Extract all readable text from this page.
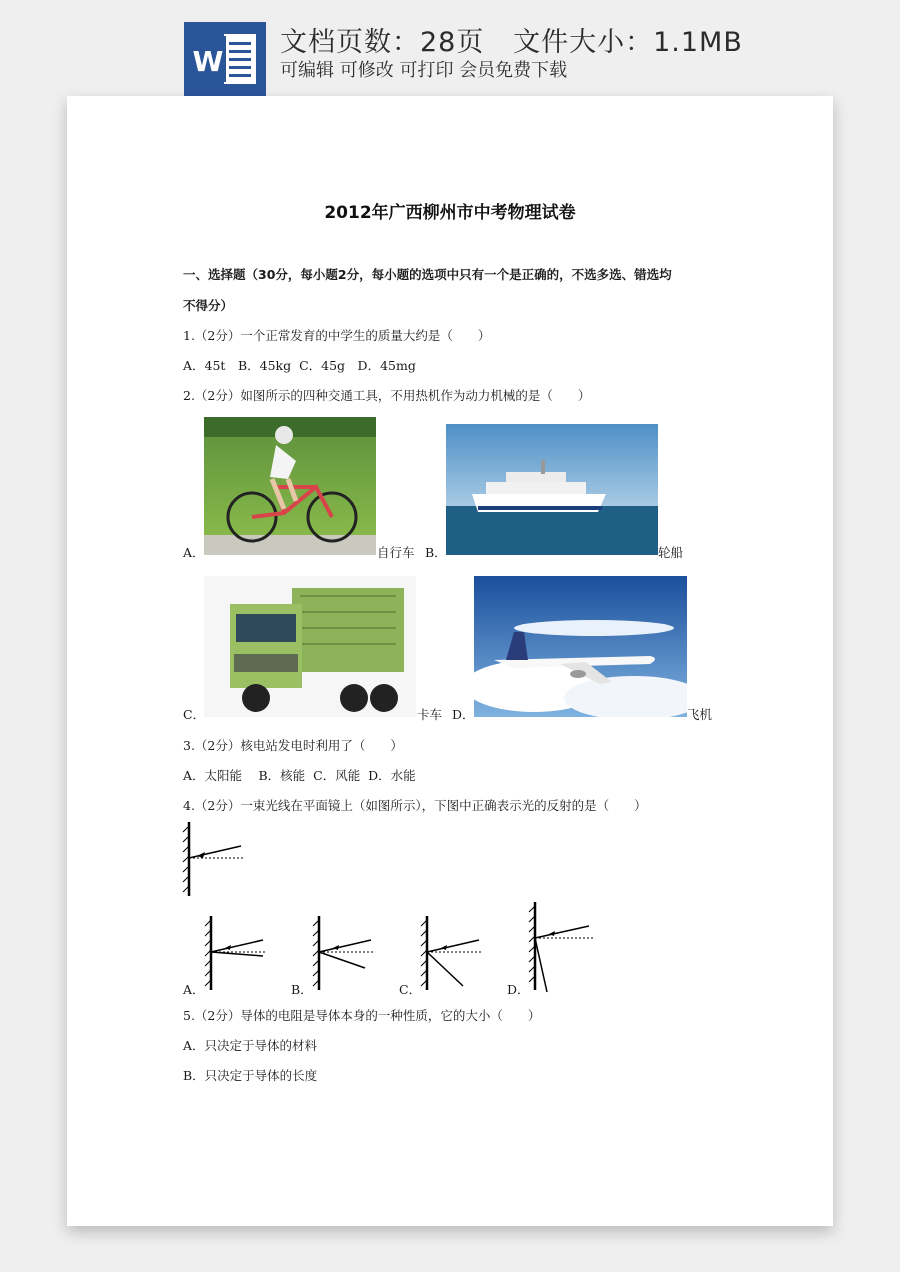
W
文档页数：28页   文件大小：1.1MB
可编辑 可修改 可打印 会员免费下载
2012年广西柳州市中考物理试卷
一、选择题（30分，每小题2分，每小题的选项中只有一个是正确的，不选多选、错选均
不得分）
1.（2分）一个正常发育的中学生的质量大约是（　　）
A．45t　B．45kg  C．45g　D．45mg
2.（2分）如图所示的四种交通工具，不用热机作为动力机械的是（　　）
A．	自行车 B．	轮船
C．	卡车 D．	飞机
3.（2分）核电站发电时利用了（　　）
A．太阳能　 B．核能  C．风能  D．水能
4.（2分）一束光线在平面镜上（如图所示），下图中正确表示光的反射的是（　　）
A．	B．	C．	D．
5.（2分）导体的电阻是导体本身的一种性质，它的大小（　　）
A．只决定于导体的材料
B．只决定于导体的长度
